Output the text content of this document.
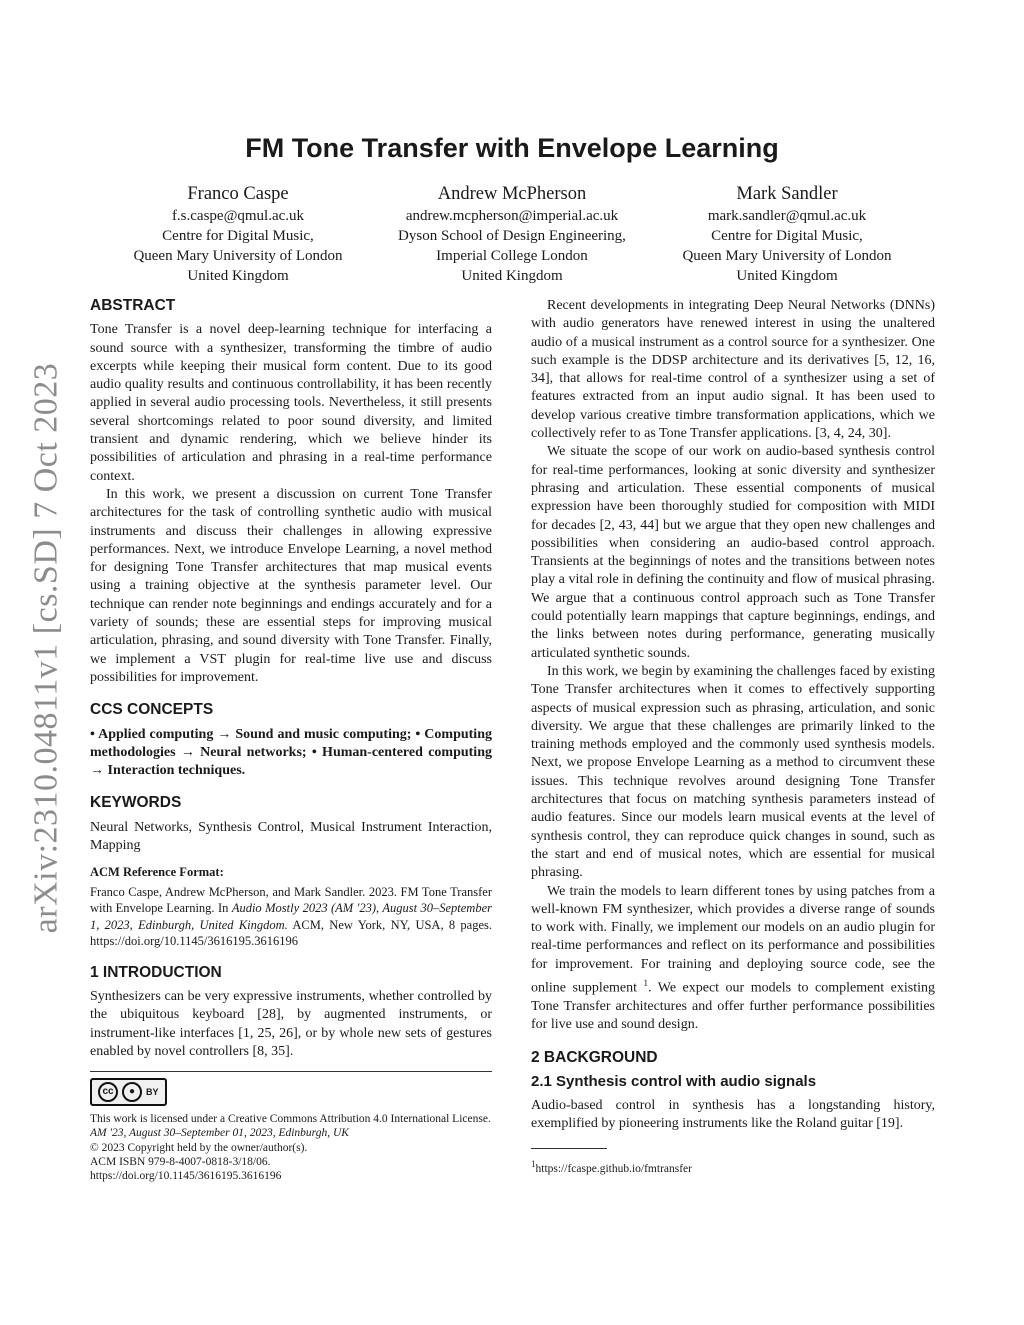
arXiv:2310.04811v1 [cs.SD] 7 Oct 2023
FM Tone Transfer with Envelope Learning
Franco Caspe
f.s.caspe@qmul.ac.uk
Centre for Digital Music,
Queen Mary University of London
United Kingdom
Andrew McPherson
andrew.mcpherson@imperial.ac.uk
Dyson School of Design Engineering,
Imperial College London
United Kingdom
Mark Sandler
mark.sandler@qmul.ac.uk
Centre for Digital Music,
Queen Mary University of London
United Kingdom
ABSTRACT

Tone Transfer is a novel deep-learning technique for interfacing a sound source with a synthesizer, transforming the timbre of audio excerpts while keeping their musical form content. Due to its good audio quality results and continuous controllability, it has been recently applied in several audio processing tools. Nevertheless, it still presents several shortcomings related to poor sound diversity, and limited transient and dynamic rendering, which we believe hinder its possibilities of articulation and phrasing in a real-time performance context.

In this work, we present a discussion on current Tone Transfer architectures for the task of controlling synthetic audio with musical instruments and discuss their challenges in allowing expressive performances. Next, we introduce Envelope Learning, a novel method for designing Tone Transfer architectures that map musical events using a training objective at the synthesis parameter level. Our technique can render note beginnings and endings accurately and for a variety of sounds; these are essential steps for improving musical articulation, phrasing, and sound diversity with Tone Transfer. Finally, we implement a VST plugin for real-time live use and discuss possibilities for improvement.

CCS CONCEPTS

• Applied computing → Sound and music computing; • Computing methodologies → Neural networks; • Human-centered computing → Interaction techniques.

KEYWORDS

Neural Networks, Synthesis Control, Musical Instrument Interaction, Mapping

ACM Reference Format:

Franco Caspe, Andrew McPherson, and Mark Sandler. 2023. FM Tone Transfer with Envelope Learning. In Audio Mostly 2023 (AM '23), August 30–September 1, 2023, Edinburgh, United Kingdom. ACM, New York, NY, USA, 8 pages. https://doi.org/10.1145/3616195.3616196

1 INTRODUCTION

Synthesizers can be very expressive instruments, whether controlled by the ubiquitous keyboard [28], by augmented instruments, or instrument-like interfaces [1, 25, 26], or by whole new sets of gestures enabled by novel controllers [8, 35].

cc	●	BY
This work is licensed under a Creative Commons Attribution 4.0 International License.
AM '23, August 30–September 01, 2023, Edinburgh, UK
© 2023 Copyright held by the owner/author(s).
ACM ISBN 979-8-4007-0818-3/18/06.
https://doi.org/10.1145/3616195.3616196

Recent developments in integrating Deep Neural Networks (DNNs) with audio generators have renewed interest in using the unaltered audio of a musical instrument as a control source for a synthesizer. One such example is the DDSP architecture and its derivatives [5, 12, 16, 34], that allows for real-time control of a synthesizer using a set of features extracted from an input audio signal. It has been used to develop various creative timbre transformation applications, which we collectively refer to as Tone Transfer applications. [3, 4, 24, 30].

We situate the scope of our work on audio-based synthesis control for real-time performances, looking at sonic diversity and synthesizer phrasing and articulation. These essential components of musical expression have been thoroughly studied for composition with MIDI for decades [2, 43, 44] but we argue that they open new challenges and possibilities when considering an audio-based control approach. Transients at the beginnings of notes and the transitions between notes play a vital role in defining the continuity and flow of musical phrasing. We argue that a continuous control approach such as Tone Transfer could potentially learn mappings that capture beginnings, endings, and the links between notes during performance, generating musically articulated synthetic sounds.

In this work, we begin by examining the challenges faced by existing Tone Transfer architectures when it comes to effectively supporting aspects of musical expression such as phrasing, articulation, and sonic diversity. We argue that these challenges are primarily linked to the training methods employed and the commonly used synthesis models. Next, we propose Envelope Learning as a method to circumvent these issues. This technique revolves around designing Tone Transfer architectures that focus on matching synthesis parameters instead of audio features. Since our models learn musical events at the level of synthesis control, they can reproduce quick changes in sound, such as the start and end of musical notes, which are essential for musical phrasing.

We train the models to learn different tones by using patches from a well-known FM synthesizer, which provides a diverse range of sounds to work with. Finally, we implement our models on an audio plugin for real-time performances and reflect on its performance and possibilities for improvement. For training and deploying source code, see the online supplement $^1$. We expect our models to complement existing Tone Transfer architectures and offer further performance possibilities for live use and sound design.

2 BACKGROUND
2.1 Synthesis control with audio signals

Audio-based control in synthesis has a longstanding history, exemplified by pioneering instruments like the Roland guitar [19].

$^1$https://fcaspe.github.io/fmtransfer
